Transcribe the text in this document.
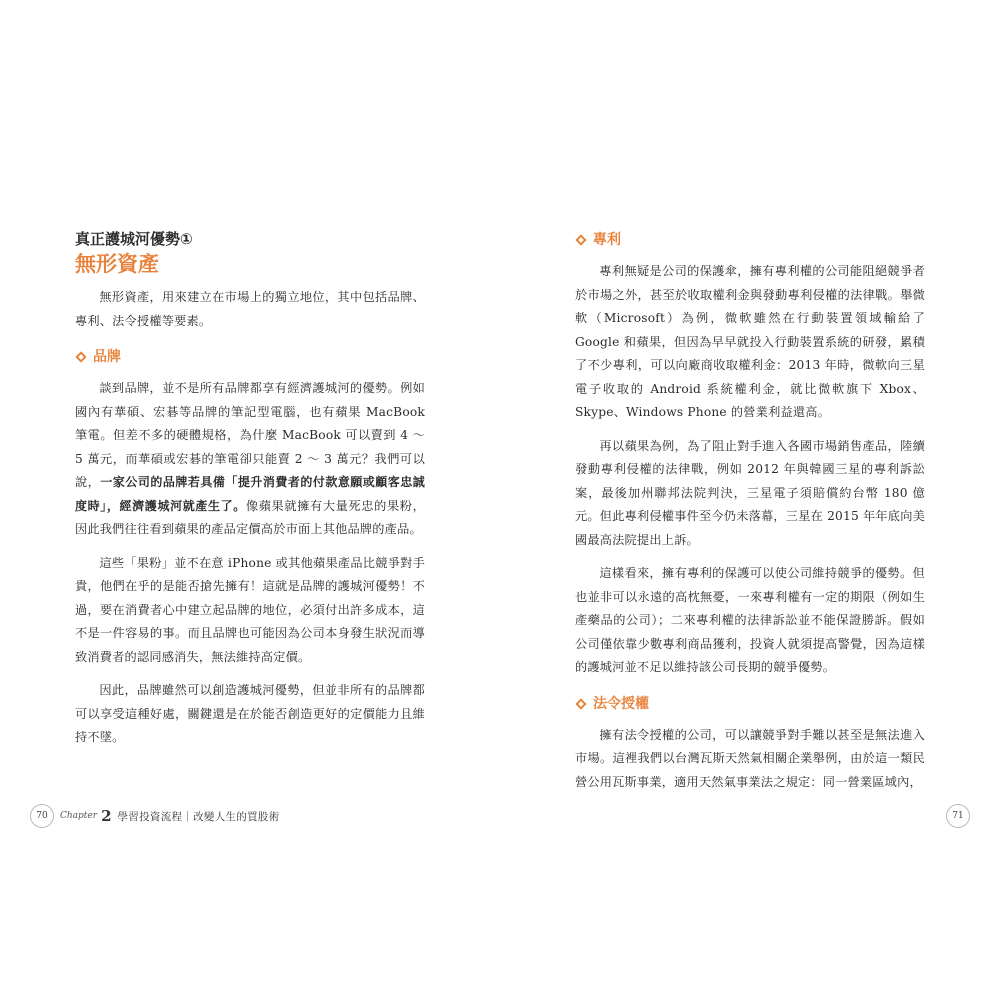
真正護城河優勢①
無形資產

無形資產，用來建立在市場上的獨立地位，其中包括品牌、專利、法令授權等要素。

品牌

談到品牌，並不是所有品牌都享有經濟護城河的優勢。例如國內有華碩、宏碁等品牌的筆記型電腦，也有蘋果 MacBook 筆電。但差不多的硬體規格，為什麼 MacBook 可以賣到 4 ～ 5 萬元，而華碩或宏碁的筆電卻只能賣 2 ～ 3 萬元？我們可以說，一家公司的品牌若具備「提升消費者的付款意願或顧客忠誠度時」，經濟護城河就產生了。像蘋果就擁有大量死忠的果粉，因此我們往往看到蘋果的產品定價高於市面上其他品牌的產品。

這些「果粉」並不在意 iPhone 或其他蘋果產品比競爭對手貴，他們在乎的是能否搶先擁有！這就是品牌的護城河優勢！不過，要在消費者心中建立起品牌的地位，必須付出許多成本，這不是一件容易的事。而且品牌也可能因為公司本身發生狀況而導致消費者的認同感消失，無法維持高定價。

因此，品牌雖然可以創造護城河優勢，但並非所有的品牌都可以享受這種好處，關鍵還是在於能否創造更好的定價能力且維持不墜。

70	Chapter 2 學習投資流程｜改變人生的買股術
專利

專利無疑是公司的保護傘，擁有專利權的公司能阻絕競爭者於市場之外，甚至於收取權利金與發動專利侵權的法律戰。舉微軟（Microsoft）為例，微軟雖然在行動裝置領域輸給了 Google 和蘋果，但因為早早就投入行動裝置系統的研發，累積了不少專利，可以向廠商收取權利金：2013 年時，微軟向三星電子收取的 Android 系統權利金，就比微軟旗下 Xbox、Skype、Windows Phone 的營業利益還高。

再以蘋果為例，為了阻止對手進入各國市場銷售產品，陸續發動專利侵權的法律戰，例如 2012 年與韓國三星的專利訴訟案，最後加州聯邦法院判決，三星電子須賠償約台幣 180 億元。但此專利侵權事件至今仍未落幕，三星在 2015 年年底向美國最高法院提出上訴。

這樣看來，擁有專利的保護可以使公司維持競爭的優勢。但也並非可以永遠的高枕無憂，一來專利權有一定的期限（例如生產藥品的公司）；二來專利權的法律訴訟並不能保證勝訴。假如公司僅依靠少數專利商品獲利，投資人就須提高警覺，因為這樣的護城河並不足以維持該公司長期的競爭優勢。

法令授權

擁有法令授權的公司，可以讓競爭對手難以甚至是無法進入市場。這裡我們以台灣瓦斯天然氣相關企業舉例，由於這一類民營公用瓦斯事業，適用天然氣事業法之規定：同一營業區域內，

71
